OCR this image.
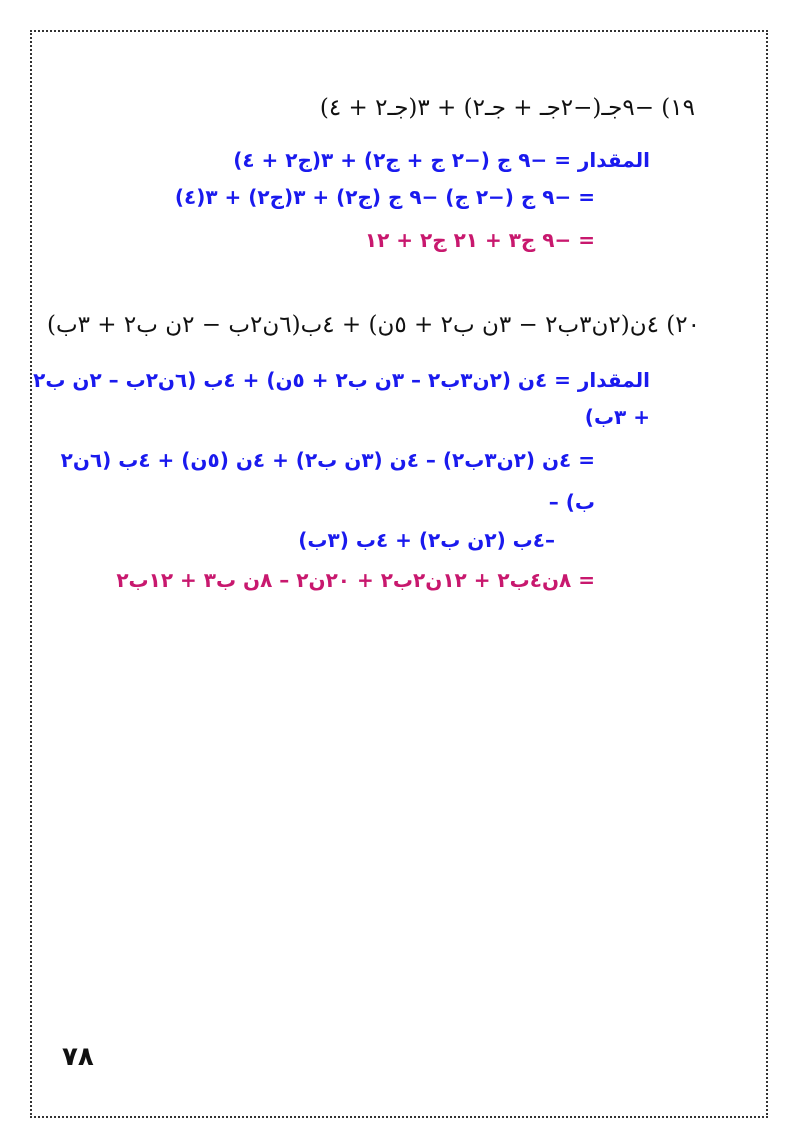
١٩) −٩جـ(−٢جـ + جـ٢) + ٣(جـ٢ + ٤)
المقدار = −٩ ج (−٢ ج + ج٢) + ٣(ج٢ + ٤)
= −٩ ج (−٢ ج) −٩ ج (ج٢) + ٣(ج٢) + ٣(٤)
= −٩ ج٣ + ٢١ ج٢ + ١٢
٢٠) ٤ن(٢ن٣ب٢ − ٣ن ب٢ + ٥ن) + ٤ب(٦ن٢ب − ٢ن ب٢ + ٣ب)
المقدار = ٤ن (٢ن٣ب٢ – ٣ن ب٢ + ٥ن) + ٤ب (٦ن٢ب – ٢ن ب٢
+ ٣ب)
= ٤ن (٢ن٣ب٢) – ٤ن (٣ن ب٢) + ٤ن (٥ن) + ٤ب (٦ن٢
ب) –
–٤ب (٢ن ب٢) + ٤ب (٣ب)
= ٨ن٤ب٢ + ١٢ن٢ب٢ + ٢٠ن٢ – ٨ن ب٣ + ١٢ب٢
٧٨
